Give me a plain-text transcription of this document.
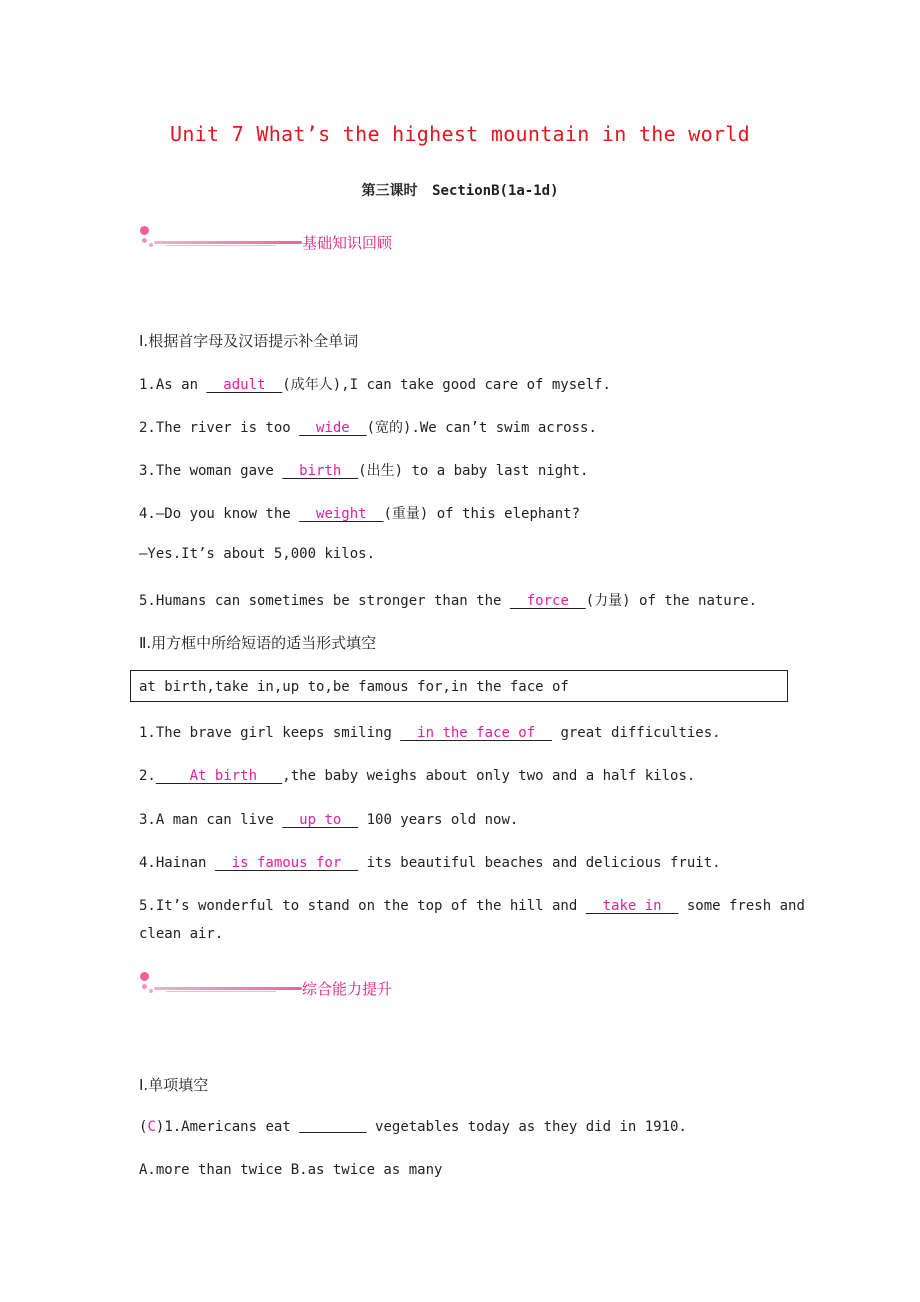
Unit 7 What’s the highest mountain in the world
第三课时 SectionB(1a-1d)
基础知识回顾
Ⅰ.根据首字母及汉语提示补全单词
1.As an   adult  (成年人),I can take good care of myself.
2.The river is too   wide  (宽的).We can’t swim across.
3.The woman gave   birth  (出生) to a baby last night.
4.—Do you know the   weight  (重量) of this elephant?
—Yes.It’s about 5,000 kilos.
5.Humans can sometimes be stronger than the   force  (力量) of the nature.
Ⅱ.用方框中所给短语的适当形式填空
at birth,take in,up to,be famous for,in the face of
1.The brave girl keeps smiling   in the face of   great difficulties.
2.    At birth   ,the baby weighs about only two and a half kilos.
3.A man can live   up to   100 years old now.
4.Hainan   is famous for   its beautiful beaches and delicious fruit.
5.It’s wonderful to stand on the top of the hill and   take in   some fresh and
clean air.
综合能力提升
Ⅰ.单项填空
(C)1.Americans eat	vegetables today as they did in 1910.
A.more than twice B.as twice as many
